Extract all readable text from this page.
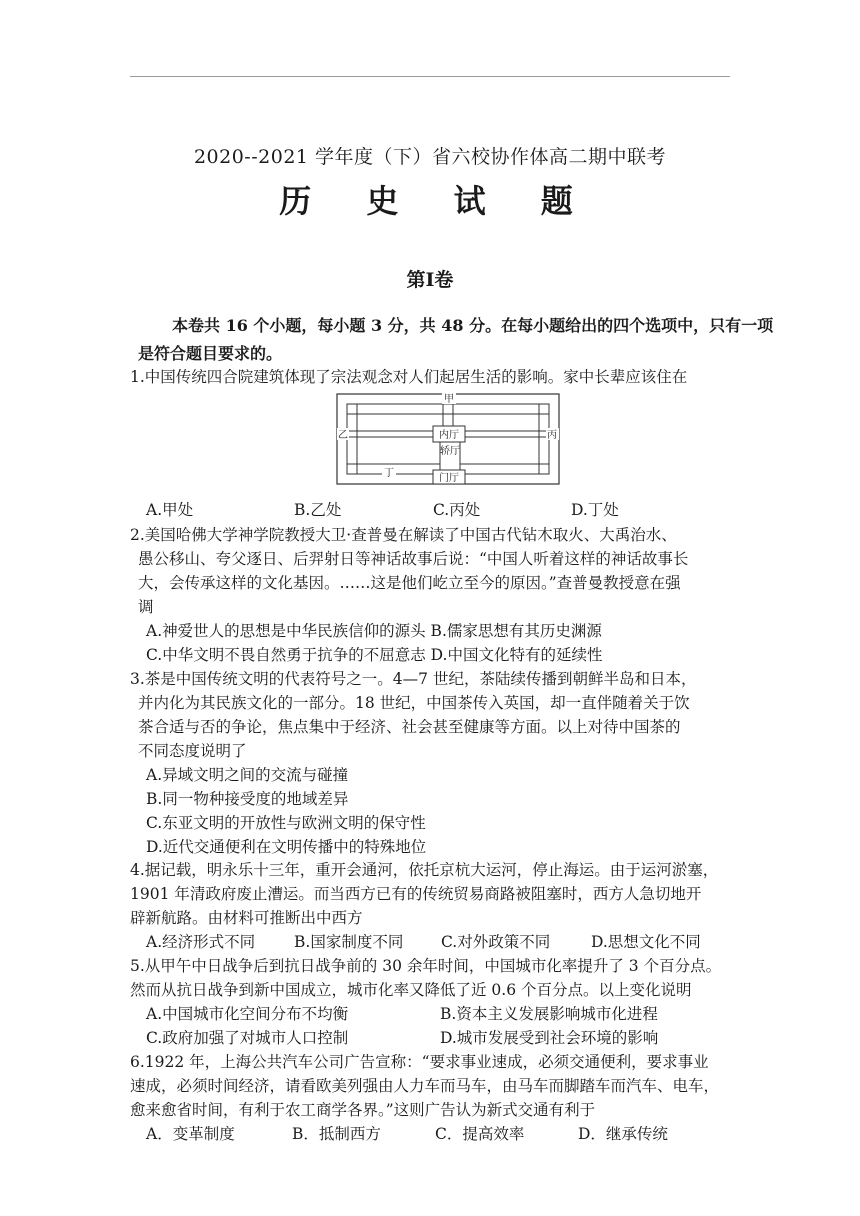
2020--2021 学年度（下）省六校协作体高二期中联考
历 史 试 题
第Ⅰ卷

本卷共 16 个小题，每小题 3 分，共 48 分。在每小题给出的四个选项中，只有一项是符合题目要求的。

1.中国传统四合院建筑体现了宗法观念对人们起居生活的影响。家中长辈应该住在
甲
乙	丙
丁
内厅
轿厅
门厅
A.甲处	B.乙处	C.丙处	D.丁处
2.美国哈佛大学神学院教授大卫·查普曼在解读了中国古代钻木取火、大禹治水、
愚公移山、夸父逐日、后羿射日等神话故事后说：“中国人听着这样的神话故事长
大，会传承这样的文化基因。……这是他们屹立至今的原因。”查普曼教授意在强
调
A.神爱世人的思想是中华民族信仰的源头 B.儒家思想有其历史渊源
C.中华文明不畏自然勇于抗争的不屈意志 D.中国文化特有的延续性
3.茶是中国传统文明的代表符号之一。4—7 世纪，茶陆续传播到朝鲜半岛和日本，
并内化为其民族文化的一部分。18 世纪，中国茶传入英国，却一直伴随着关于饮
茶合适与否的争论，焦点集中于经济、社会甚至健康等方面。以上对待中国茶的
不同态度说明了
A.异域文明之间的交流与碰撞
B.同一物种接受度的地域差异
C.东亚文明的开放性与欧洲文明的保守性
D.近代交通便利在文明传播中的特殊地位
4.据记载，明永乐十三年，重开会通河，依托京杭大运河，停止海运。由于运河淤塞，
1901 年清政府废止漕运。而当西方已有的传统贸易商路被阻塞时，西方人急切地开
辟新航路。由材料可推断出中西方
A.经济形式不同	B.国家制度不同 C.对外政策不同	D.思想文化不同
5.从甲午中日战争后到抗日战争前的 30 余年时间，中国城市化率提升了 3 个百分点。
然而从抗日战争到新中国成立，城市化率又降低了近 0.6 个百分点。以上变化说明
A.中国城市化空间分布不均衡	B.资本主义发展影响城市化进程
C.政府加强了对城市人口控制	D.城市发展受到社会环境的影响
6.1922 年，上海公共汽车公司广告宣称：“要求事业速成，必须交通便利，要求事业
速成，必须时间经济，请看欧美列强由人力车而马车，由马车而脚踏车而汽车、电车，
愈来愈省时间，有利于农工商学各界。”这则广告认为新式交通有利于
A．变革制度	B．抵制西方	C．提高效率	D．继承传统
